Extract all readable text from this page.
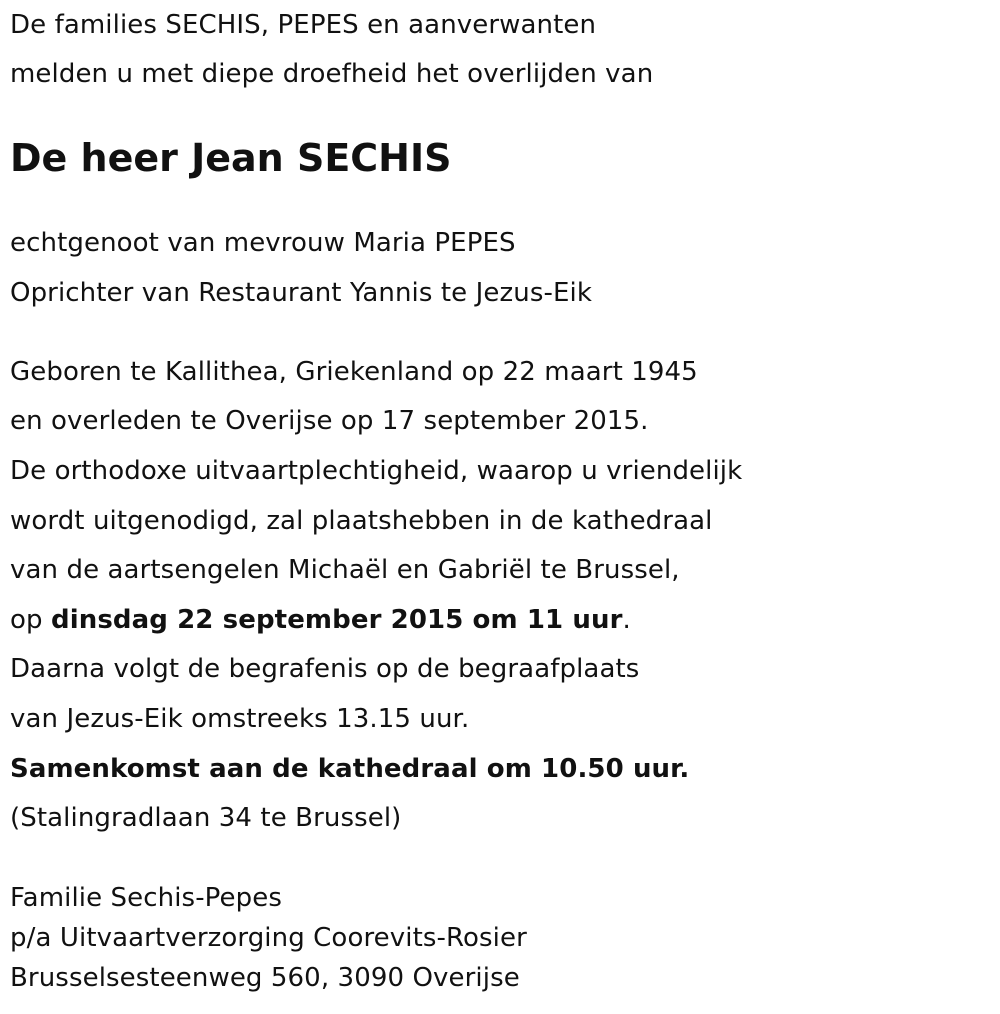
De families SECHIS, PEPES en aanverwanten
melden u met diepe droefheid het overlijden van
De heer Jean SECHIS
echtgenoot van mevrouw Maria PEPES
Oprichter van Restaurant Yannis te Jezus-Eik
Geboren te Kallithea, Griekenland op 22 maart 1945
en overleden te Overijse op 17 september 2015.
De orthodoxe uitvaartplechtigheid, waarop u vriendelijk
wordt uitgenodigd, zal plaatshebben in de kathedraal
van de aartsengelen Michaël en Gabriël te Brussel,
op dinsdag 22 september 2015 om 11 uur.
Daarna volgt de begrafenis op de begraafplaats
van Jezus-Eik omstreeks 13.15 uur.
Samenkomst aan de kathedraal om 10.50 uur.
(Stalingradlaan 34 te Brussel)
Familie Sechis-Pepes
p/a Uitvaartverzorging Coorevits-Rosier
Brusselsesteenweg 560, 3090 Overijse
